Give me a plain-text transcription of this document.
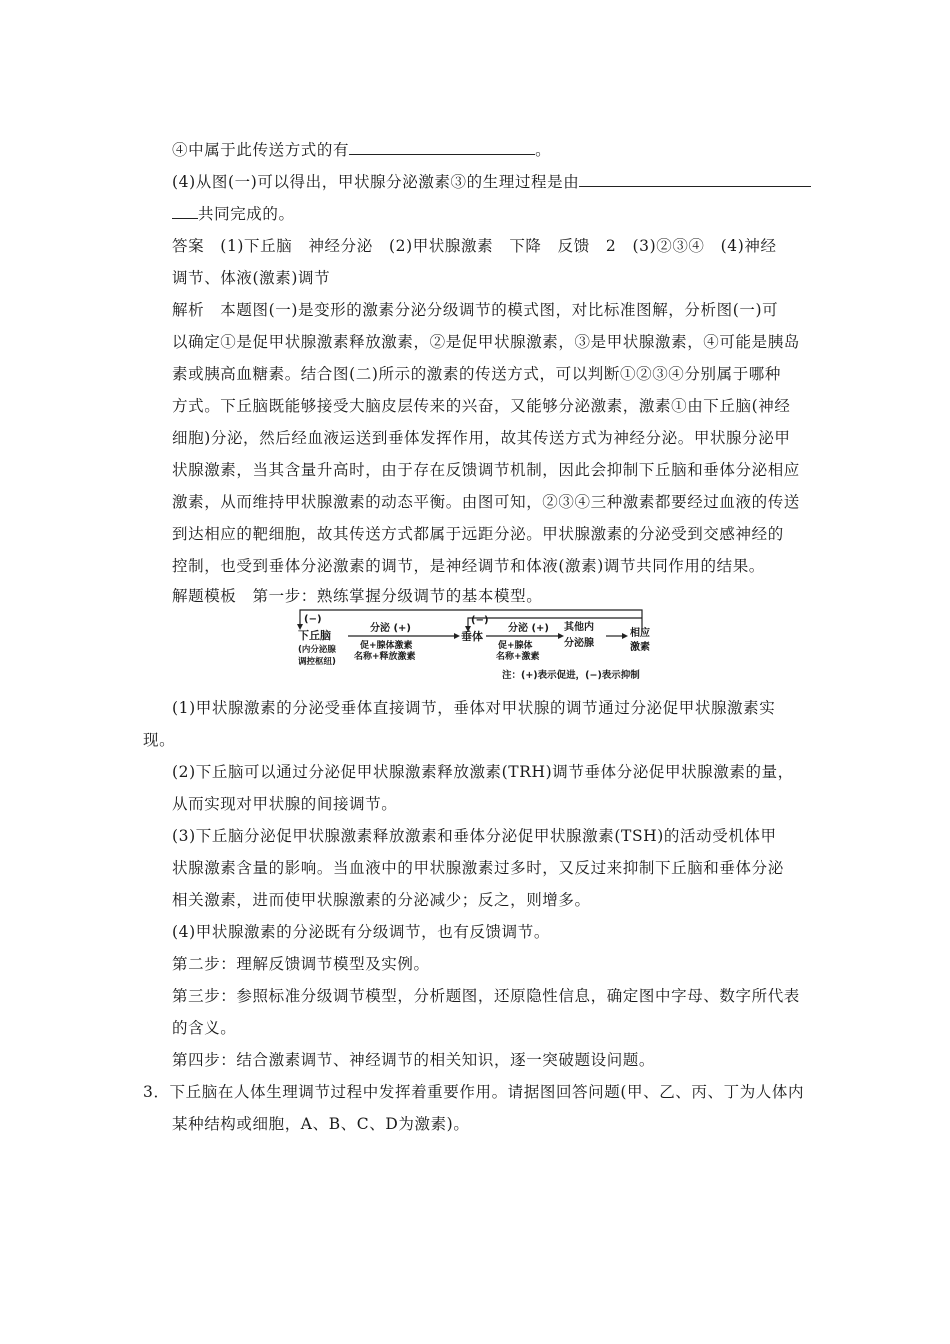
④中属于此传送方式的有	。
(4)从图(一)可以得出，甲状腺分泌激素③的生理过程是由
共同完成的。
答案　(1)下丘脑　神经分泌　(2)甲状腺激素　下降　反馈　2　(3)②③④　(4)神经
调节、体液(激素)调节
解析　本题图(一)是变形的激素分泌分级调节的模式图，对比标准图解，分析图(一)可
以确定①是促甲状腺激素释放激素，②是促甲状腺激素，③是甲状腺激素，④可能是胰岛
素或胰高血糖素。结合图(二)所示的激素的传送方式，可以判断①②③④分别属于哪种
方式。下丘脑既能够接受大脑皮层传来的兴奋，又能够分泌激素，激素①由下丘脑(神经
细胞)分泌，然后经血液运送到垂体发挥作用，故其传送方式为神经分泌。甲状腺分泌甲
状腺激素，当其含量升高时，由于存在反馈调节机制，因此会抑制下丘脑和垂体分泌相应
激素，从而维持甲状腺激素的动态平衡。由图可知，②③④三种激素都要经过血液的传送
到达相应的靶细胞，故其传送方式都属于远距分泌。甲状腺激素的分泌受到交感神经的
控制，也受到垂体分泌激素的调节，是神经调节和体液(激素)调节共同作用的结果。
解题模板　第一步：熟练掌握分级调节的基本模型。
(−)	(−)
下丘脑
(内分泌腺
调控枢纽)
分泌 (+)
促+腺体激素
名称+释放激素
垂体
分泌 (+)
促+腺体
名称+激素
其他内
分泌腺
相应
激素
注：(+)表示促进，(−)表示抑制
(1)甲状腺激素的分泌受垂体直接调节，垂体对甲状腺的调节通过分泌促甲状腺激素实
现。
(2)下丘脑可以通过分泌促甲状腺激素释放激素(TRH)调节垂体分泌促甲状腺激素的量，
从而实现对甲状腺的间接调节。
(3)下丘脑分泌促甲状腺激素释放激素和垂体分泌促甲状腺激素(TSH)的活动受机体甲
状腺激素含量的影响。当血液中的甲状腺激素过多时，又反过来抑制下丘脑和垂体分泌
相关激素，进而使甲状腺激素的分泌减少；反之，则增多。
(4)甲状腺激素的分泌既有分级调节，也有反馈调节。
第二步：理解反馈调节模型及实例。
第三步：参照标准分级调节模型，分析题图，还原隐性信息，确定图中字母、数字所代表
的含义。
第四步：结合激素调节、神经调节的相关知识，逐一突破题设问题。
3．下丘脑在人体生理调节过程中发挥着重要作用。请据图回答问题(甲、乙、丙、丁为人体内
某种结构或细胞，A、B、C、D为激素)。
